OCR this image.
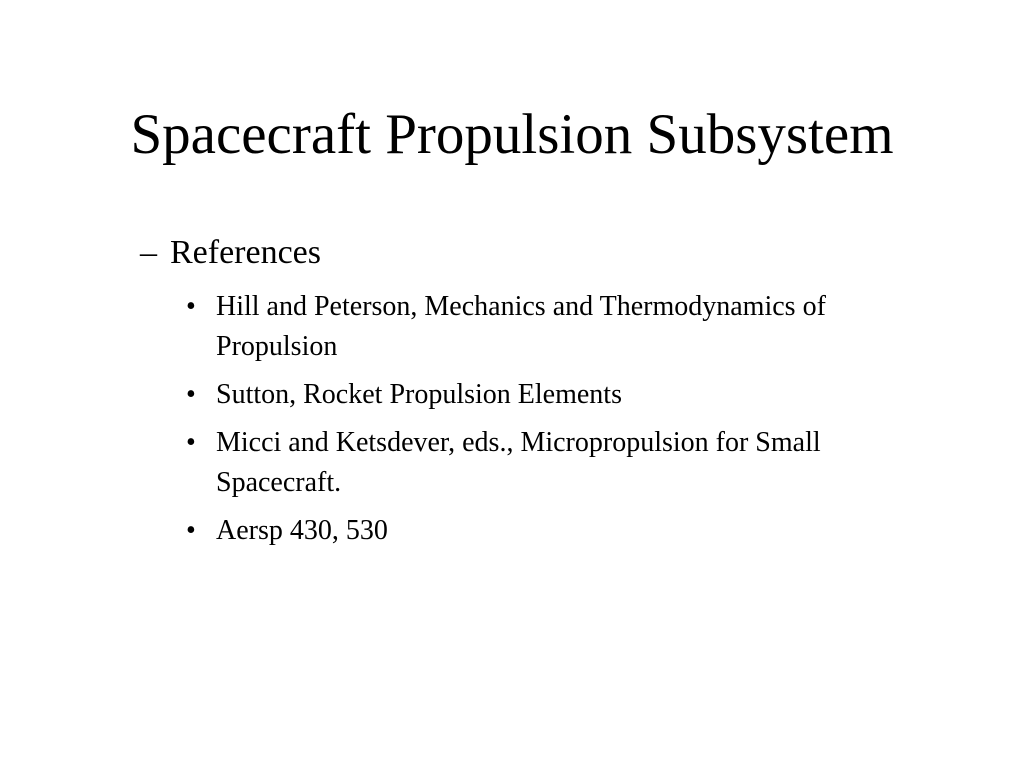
Spacecraft Propulsion Subsystem

– References

• Hill and Peterson, Mechanics and Thermodynamics of Propulsion
• Sutton, Rocket Propulsion Elements
• Micci and Ketsdever, eds., Micropropulsion for Small Spacecraft.
• Aersp 430, 530
